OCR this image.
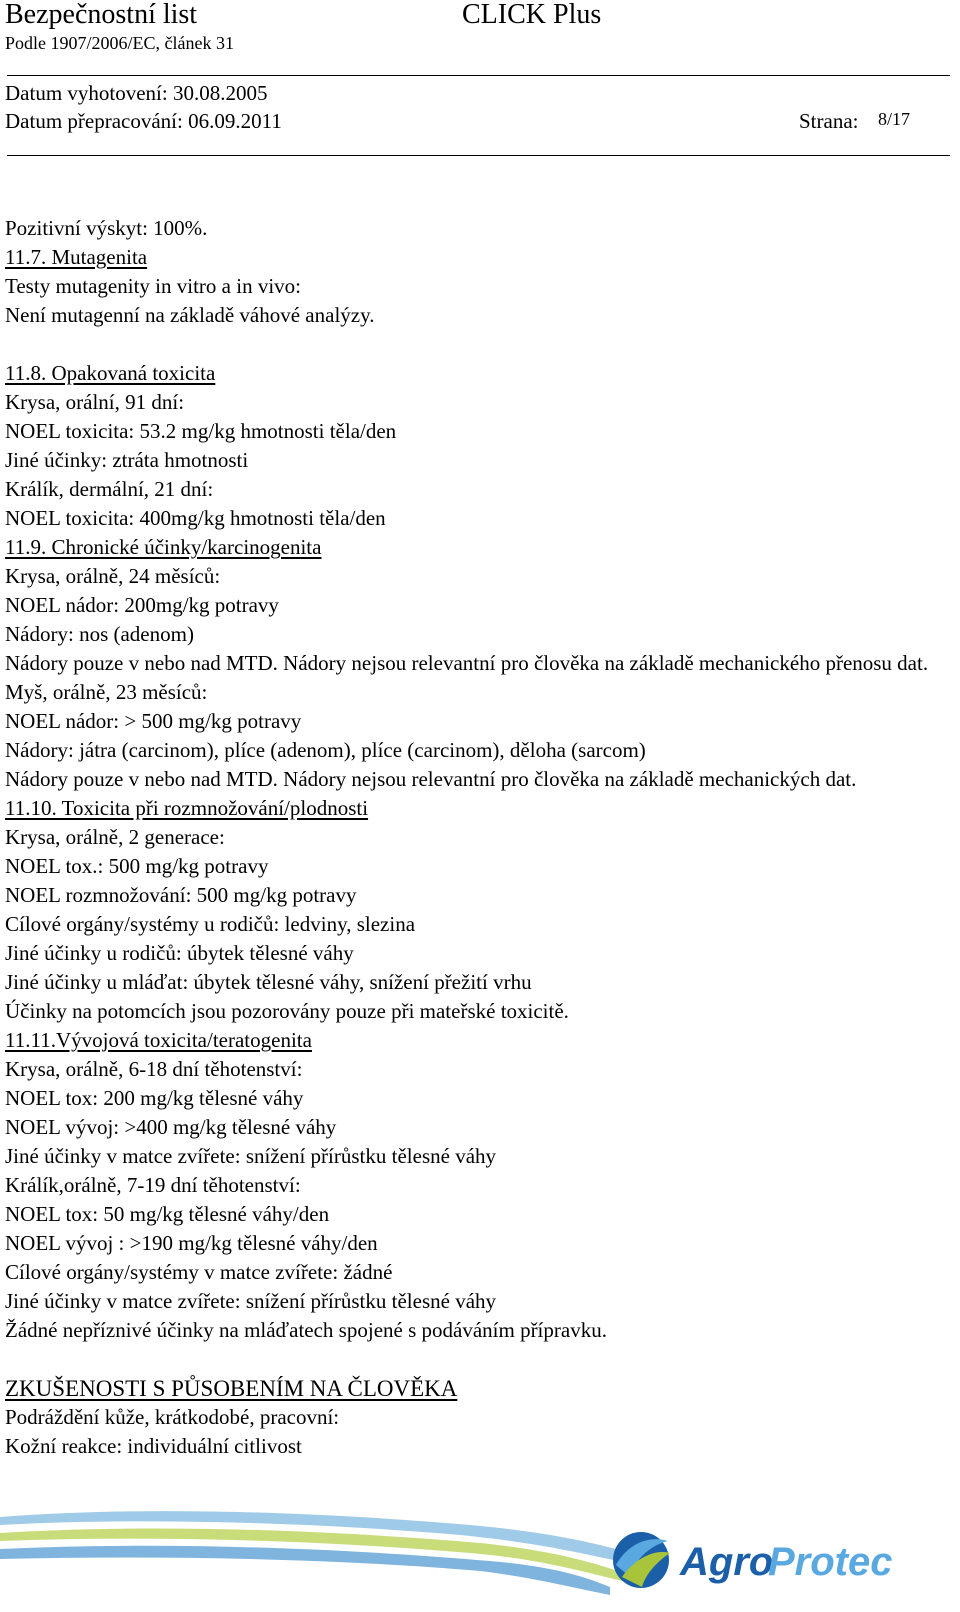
Bezpečnostní list	CLICK Plus
Podle 1907/2006/EC, článek 31
Datum vyhotovení: 30.08.2005
Datum přepracování: 06.09.2011	Strana: 8/17
Pozitivní výskyt: 100%.
11.7. Mutagenita
Testy mutagenity in vitro a in vivo:
Není mutagenní na základě váhové analýzy.
11.8. Opakovaná toxicita
Krysa, orální, 91 dní:
NOEL toxicita: 53.2 mg/kg hmotnosti těla/den
Jiné účinky: ztráta hmotnosti
Králík, dermální, 21 dní:
NOEL toxicita: 400mg/kg hmotnosti těla/den
11.9. Chronické účinky/karcinogenita
Krysa, orálně, 24 měsíců:
NOEL nádor: 200mg/kg potravy
Nádory: nos (adenom)
Nádory pouze v nebo nad MTD. Nádory nejsou relevantní pro člověka na základě mechanického přenosu dat.
Myš, orálně, 23 měsíců:
NOEL nádor: > 500 mg/kg potravy
Nádory: játra (carcinom), plíce (adenom), plíce (carcinom), děloha (sarcom)
Nádory pouze v nebo nad MTD. Nádory nejsou relevantní pro člověka na základě mechanických dat.
11.10. Toxicita při rozmnožování/plodnosti
Krysa, orálně, 2 generace:
NOEL tox.: 500 mg/kg potravy
NOEL rozmnožování: 500 mg/kg potravy
Cílové orgány/systémy u rodičů: ledviny, slezina
Jiné účinky u rodičů: úbytek tělesné váhy
Jiné účinky u mláďat: úbytek tělesné váhy, snížení přežití vrhu
Účinky na potomcích jsou pozorovány pouze při mateřské toxicitě.
11.11.Vývojová toxicita/teratogenita
Krysa, orálně, 6-18 dní těhotenství:
NOEL tox: 200 mg/kg tělesné váhy
NOEL vývoj: >400 mg/kg tělesné váhy
Jiné účinky v matce zvířete: snížení přírůstku tělesné váhy
Králík,orálně, 7-19 dní těhotenství:
NOEL tox: 50 mg/kg tělesné váhy/den
NOEL vývoj : >190 mg/kg tělesné váhy/den
Cílové orgány/systémy v matce zvířete: žádné
Jiné účinky v matce zvířete: snížení přírůstku tělesné váhy
Žádné nepříznivé účinky na mláďatech spojené s podáváním přípravku.
ZKUŠENOSTI S PŮSOBENÍM NA ČLOVĚKA
Podráždění kůže, krátkodobé, pracovní:
Kožní reakce: individuální citlivost
Agro
Protec
